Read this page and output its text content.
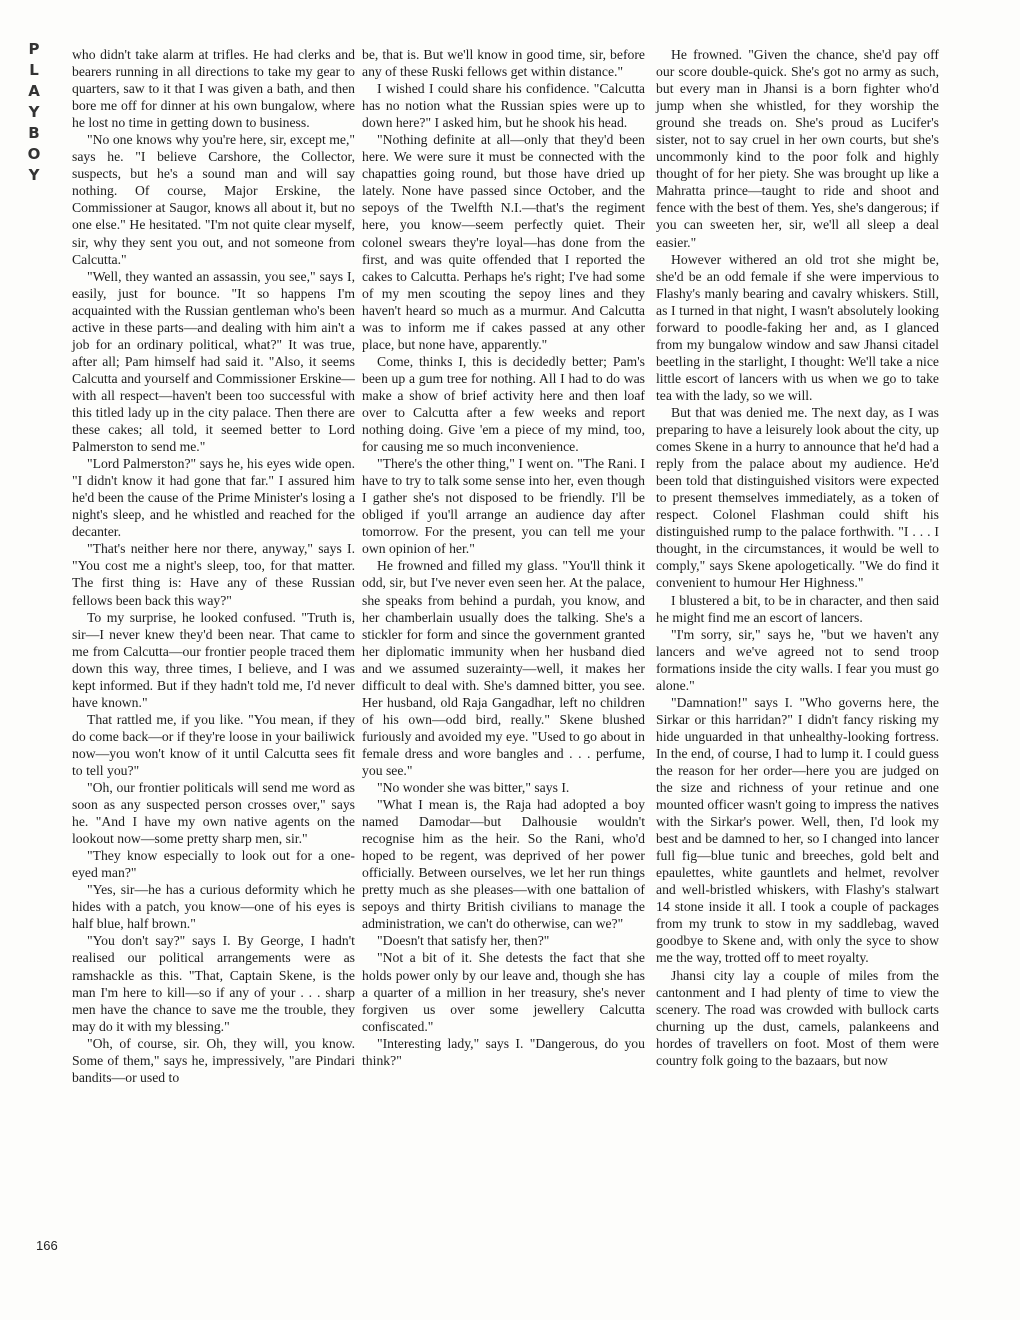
P
L
A
Y
B
O
Y

who didn't take alarm at trifles. He had clerks and bearers running in all directions to take my gear to quarters, saw to it that I was given a bath, and then bore me off for dinner at his own bungalow, where he lost no time in getting down to business.

"No one knows why you're here, sir, except me," says he. "I believe Carshore, the Collector, suspects, but he's a sound man and will say nothing. Of course, Major Erskine, the Commissioner at Saugor, knows all about it, but no one else." He hesitated. "I'm not quite clear myself, sir, why they sent you out, and not someone from Calcutta."

"Well, they wanted an assassin, you see," says I, easily, just for bounce. "It so happens I'm acquainted with the Russian gentleman who's been active in these parts—and dealing with him ain't a job for an ordinary political, what?" It was true, after all; Pam himself had said it. "Also, it seems Calcutta and yourself and Commissioner Erskine—with all respect—haven't been too successful with this titled lady up in the city palace. Then there are these cakes; all told, it seemed better to Lord Palmerston to send me."

"Lord Palmerston?" says he, his eyes wide open. "I didn't know it had gone that far." I assured him he'd been the cause of the Prime Minister's losing a night's sleep, and he whistled and reached for the decanter.

"That's neither here nor there, anyway," says I. "You cost me a night's sleep, too, for that matter. The first thing is: Have any of these Russian fellows been back this way?"

To my surprise, he looked confused. "Truth is, sir—I never knew they'd been near. That came to me from Calcutta—our frontier people traced them down this way, three times, I believe, and I was kept informed. But if they hadn't told me, I'd never have known."

That rattled me, if you like. "You mean, if they do come back—or if they're loose in your bailiwick now—you won't know of it until Calcutta sees fit to tell you?"

"Oh, our frontier politicals will send me word as soon as any suspected person crosses over," says he. "And I have my own native agents on the lookout now—some pretty sharp men, sir."

"They know especially to look out for a one-eyed man?"

"Yes, sir—he has a curious deformity which he hides with a patch, you know—one of his eyes is half blue, half brown."

"You don't say?" says I. By George, I hadn't realised our political arrangements were as ramshackle as this. "That, Captain Skene, is the man I'm here to kill—so if any of your . . . sharp men have the chance to save me the trouble, they may do it with my blessing."

"Oh, of course, sir. Oh, they will, you know. Some of them," says he, impressively, "are Pindari bandits—or used to

be, that is. But we'll know in good time, sir, before any of these Ruski fellows get within distance."

I wished I could share his confidence. "Calcutta has no notion what the Russian spies were up to down here?" I asked him, but he shook his head.

"Nothing definite at all—only that they'd been here. We were sure it must be connected with the chapatties going round, but those have dried up lately. None have passed since October, and the sepoys of the Twelfth N.I.—that's the regiment here, you know—seem perfectly quiet. Their colonel swears they're loyal—has done from the first, and was quite offended that I reported the cakes to Calcutta. Perhaps he's right; I've had some of my men scouting the sepoy lines and they haven't heard so much as a murmur. And Calcutta was to inform me if cakes passed at any other place, but none have, apparently."

Come, thinks I, this is decidedly better; Pam's been up a gum tree for nothing. All I had to do was make a show of brief activity here and then loaf over to Calcutta after a few weeks and report nothing doing. Give 'em a piece of my mind, too, for causing me so much inconvenience.

"There's the other thing," I went on. "The Rani. I have to try to talk some sense into her, even though I gather she's not disposed to be friendly. I'll be obliged if you'll arrange an audience day after tomorrow. For the present, you can tell me your own opinion of her."

He frowned and filled my glass. "You'll think it odd, sir, but I've never even seen her. At the palace, she speaks from behind a purdah, you know, and her chamberlain usually does the talking. She's a stickler for form and since the government granted her diplomatic immunity when her husband died and we assumed suzerainty—well, it makes her difficult to deal with. She's damned bitter, you see. Her husband, old Raja Gangadhar, left no children of his own—odd bird, really." Skene blushed furiously and avoided my eye. "Used to go about in female dress and wore bangles and . . . perfume, you see."

"No wonder she was bitter," says I.

"What I mean is, the Raja had adopted a boy named Damodar—but Dalhousie wouldn't recognise him as the heir. So the Rani, who'd hoped to be regent, was deprived of her power officially. Between ourselves, we let her run things pretty much as she pleases—with one battalion of sepoys and thirty British civilians to manage the administration, we can't do otherwise, can we?"

"Doesn't that satisfy her, then?"

"Not a bit of it. She detests the fact that she holds power only by our leave and, though she has a quarter of a million in her treasury, she's never forgiven us over some jewellery Calcutta confiscated."

"Interesting lady," says I. "Dangerous, do you think?"

He frowned. "Given the chance, she'd pay off our score double-quick. She's got no army as such, but every man in Jhansi is a born fighter who'd jump when she whistled, for they worship the ground she treads on. She's proud as Lucifer's sister, not to say cruel in her own courts, but she's uncommonly kind to the poor folk and highly thought of for her piety. She was brought up like a Mahratta prince—taught to ride and shoot and fence with the best of them. Yes, she's dangerous; if you can sweeten her, sir, we'll all sleep a deal easier."

However withered an old trot she might be, she'd be an odd female if she were impervious to Flashy's manly bearing and cavalry whiskers. Still, as I turned in that night, I wasn't absolutely looking forward to poodle-faking her and, as I glanced from my bungalow window and saw Jhansi citadel beetling in the starlight, I thought: We'll take a nice little escort of lancers with us when we go to take tea with the lady, so we will.

But that was denied me. The next day, as I was preparing to have a leisurely look about the city, up comes Skene in a hurry to announce that he'd had a reply from the palace about my audience. He'd been told that distinguished visitors were expected to present themselves immediately, as a token of respect. Colonel Flashman could shift his distinguished rump to the palace forthwith. "I . . . I thought, in the circumstances, it would be well to comply," says Skene apologetically. "We do find it convenient to humour Her Highness."

I blustered a bit, to be in character, and then said he might find me an escort of lancers.

"I'm sorry, sir," says he, "but we haven't any lancers and we've agreed not to send troop formations inside the city walls. I fear you must go alone."

"Damnation!" says I. "Who governs here, the Sirkar or this harridan?" I didn't fancy risking my hide unguarded in that unhealthy-looking fortress. In the end, of course, I had to lump it. I could guess the reason for her order—here you are judged on the size and richness of your retinue and one mounted officer wasn't going to impress the natives with the Sirkar's power. Well, then, I'd look my best and be damned to her, so I changed into lancer full fig—blue tunic and breeches, gold belt and epaulettes, white gauntlets and helmet, revolver and well-bristled whiskers, with Flashy's stalwart 14 stone inside it all. I took a couple of packages from my trunk to stow in my saddlebag, waved goodbye to Skene and, with only the syce to show me the way, trotted off to meet royalty.

Jhansi city lay a couple of miles from the cantonment and I had plenty of time to view the scenery. The road was crowded with bullock carts churning up the dust, camels, palankeens and hordes of travellers on foot. Most of them were country folk going to the bazaars, but now

166
